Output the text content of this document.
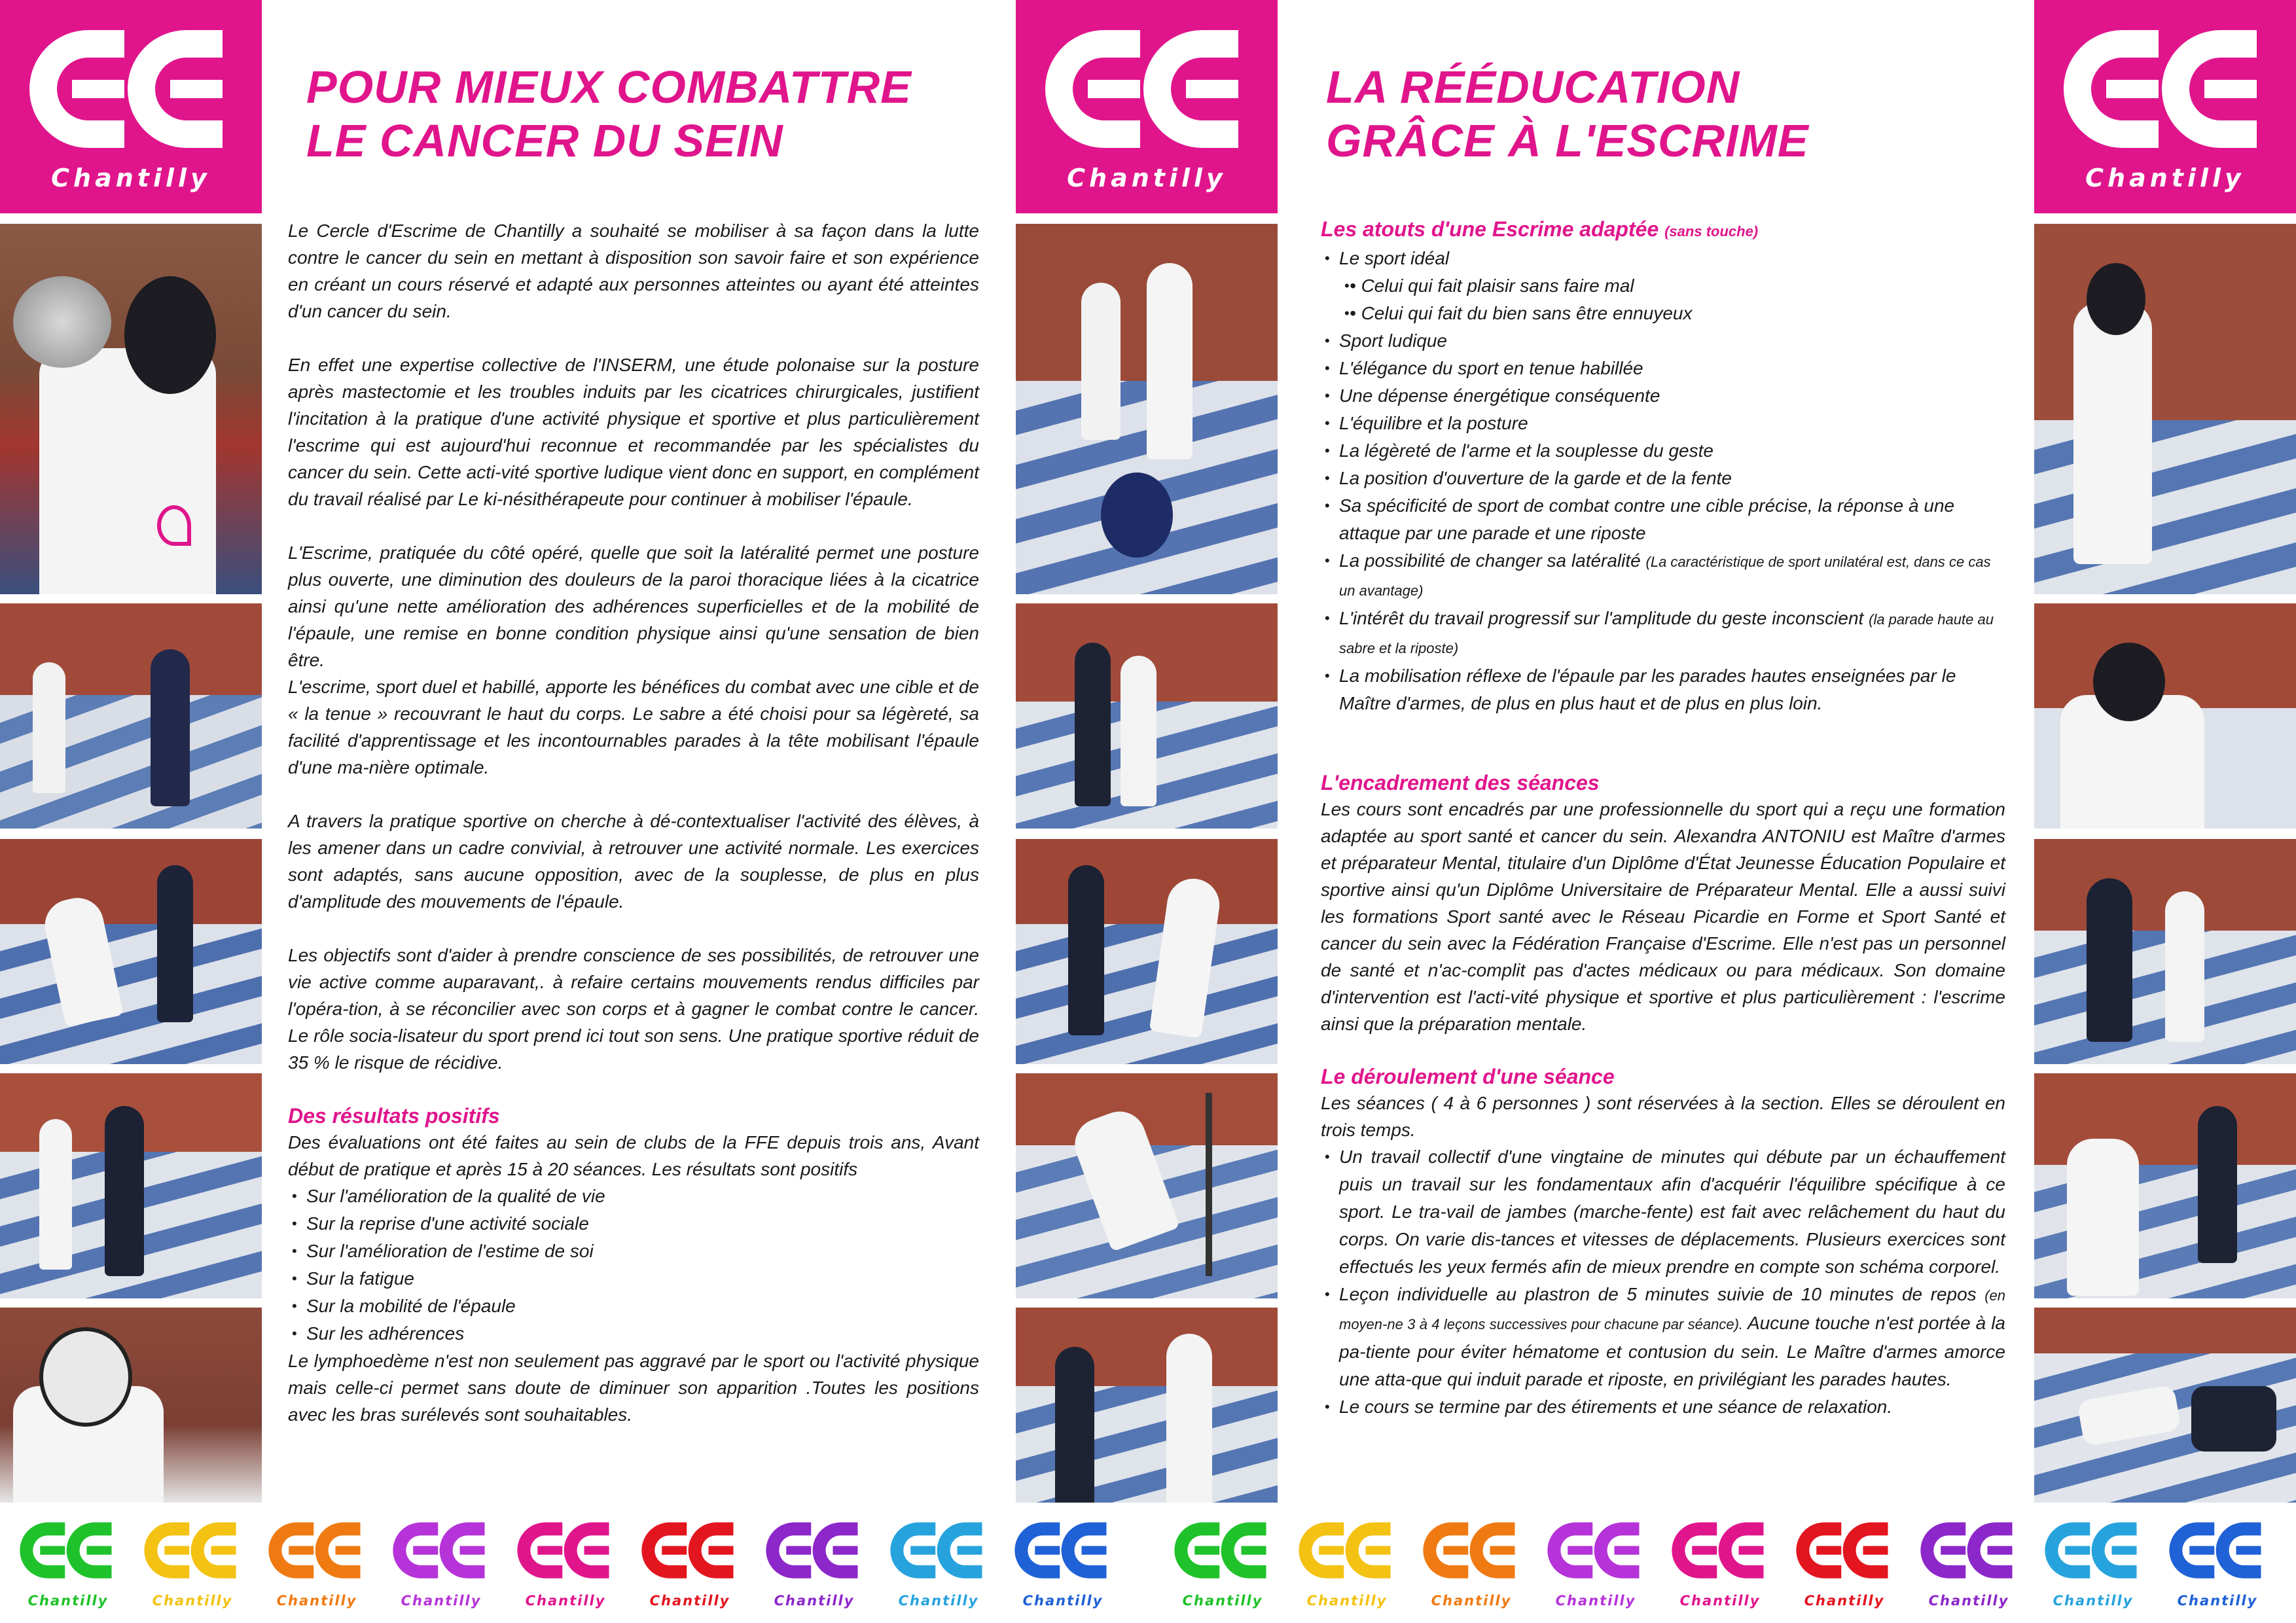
Chantilly
POUR MIEUX COMBATTRE
LE CANCER DU SEIN

Le Cercle d'Escrime de Chantilly a souhaité se mobiliser à sa façon dans la lutte contre le cancer du sein en mettant à disposition son savoir faire et son expérience en créant un cours réservé et adapté aux personnes atteintes ou ayant été atteintes d'un cancer du sein.

En effet une expertise collective de l'INSERM, une étude polonaise sur la posture après mastectomie et les troubles induits par les cicatrices chirurgicales, justifient l'incitation à la pratique d'une activité physique et sportive et plus particulièrement l'escrime qui est aujourd'hui reconnue et recommandée par les spécialistes du cancer du sein. Cette acti-vité sportive ludique vient donc en support, en complément du travail réalisé par Le ki-nésithérapeute pour continuer à mobiliser l'épaule.

L'Escrime, pratiquée du côté opéré, quelle que soit la latéralité permet une posture plus ouverte, une diminution des douleurs de la paroi thoracique liées à la cicatrice ainsi qu'une nette amélioration des adhérences superficielles et de la mobilité de l'épaule, une remise en bonne condition physique ainsi qu'une sensation de bien être.

L'escrime, sport duel et habillé, apporte les bénéfices du combat avec une cible et de « la tenue » recouvrant le haut du corps. Le sabre a été choisi pour sa légèreté, sa facilité d'apprentissage et les incontournables parades à la tête mobilisant l'épaule d'une ma-nière optimale.

A travers la pratique sportive on cherche à dé-contextualiser l'activité des élèves, à les amener dans un cadre convivial, à retrouver une activité normale. Les exercices sont adaptés, sans aucune opposition, avec de la souplesse, de plus en plus d'amplitude des mouvements de l'épaule.

Les objectifs sont d'aider à prendre conscience de ses possibilités, de retrouver une vie active comme auparavant,. à refaire certains mouvements rendus difficiles par l'opéra-tion, à se réconcilier avec son corps et à gagner le combat contre le cancer. Le rôle socia-lisateur du sport prend ici tout son sens. Une pratique sportive réduit de 35 % le risque de récidive.

Des résultats positifs

Des évaluations ont été faites au sein de clubs de la FFE depuis trois ans, Avant début de pratique et après 15 à 20 séances. Les résultats sont positifs

• Sur l'amélioration de la qualité de vie
• Sur la reprise d'une activité sociale
• Sur l'amélioration de l'estime de soi
• Sur la fatigue
• Sur la mobilité de l'épaule
• Sur les adhérences

Le lymphoedème n'est non seulement pas aggravé par le sport ou l'activité physique mais celle-ci permet sans doute de diminuer son apparition .Toutes les positions avec les bras surélevés sont souhaitables.

Chantilly
LA RÉÉDUCATION
GRÂCE À L'ESCRIME

Les atouts d'une Escrime adaptée (sans touche)

• Le sport idéal
• • Celui qui fait plaisir sans faire mal
• • Celui qui fait du bien sans être ennuyeux
• Sport ludique
• L'élégance du sport en tenue habillée
• Une dépense énergétique conséquente
• L'équilibre et la posture
• La légèreté de l'arme et la souplesse du geste
• La position d'ouverture de la garde et de la fente
• Sa spécificité de sport de combat contre une cible précise, la réponse à une attaque par une parade et une riposte
• La possibilité de changer sa latéralité (La caractéristique de sport unilatéral est, dans ce cas un avantage)
• L'intérêt du travail progressif sur l'amplitude du geste inconscient (la parade haute au sabre et la riposte)
• La mobilisation réflexe de l'épaule par les parades hautes enseignées par le Maître d'armes, de plus en plus haut et de plus en plus loin.

L'encadrement des séances

Les cours sont encadrés par une professionnelle du sport qui a reçu une formation adaptée au sport santé et cancer du sein. Alexandra ANTONIU est Maître d'armes et préparateur Mental, titulaire d'un Diplôme d'État Jeunesse Éducation Populaire et sportive ainsi qu'un Diplôme Universitaire de Préparateur Mental. Elle a aussi suivi les formations Sport santé avec le Réseau Picardie en Forme et Sport Santé et cancer du sein avec la Fédération Française d'Escrime. Elle n'est pas un personnel de santé et n'ac-complit pas d'actes médicaux ou para médicaux. Son domaine d'intervention est l'acti-vité physique et sportive et plus particulièrement : l'escrime ainsi que la préparation mentale.

Le déroulement d'une séance

Les séances ( 4 à 6 personnes ) sont réservées à la section. Elles se déroulent en trois temps.

• Un travail collectif d'une vingtaine de minutes qui débute par un échauffement puis un travail sur les fondamentaux afin d'acquérir l'équilibre spécifique à ce sport. Le tra-vail de jambes (marche-fente) est fait avec relâchement du haut du corps. On varie dis-tances et vitesses de déplacements. Plusieurs exercices sont effectués les yeux fermés afin de mieux prendre en compte son schéma corporel.
• Leçon individuelle au plastron de 5 minutes suivie de 10 minutes de repos (en moyen-ne 3 à 4 leçons successives pour chacune par séance). Aucune touche n'est portée à la pa-tiente pour éviter hématome et contusion du sein. Le Maître d'armes amorce une atta-que qui induit parade et riposte, en privilégiant les parades hautes.
• Le cours se termine par des étirements et une séance de relaxation.
Chantilly
Chantilly	Chantilly	Chantilly	Chantilly	Chantilly	Chantilly	Chantilly	Chantilly	Chantilly	Chantilly	Chantilly	Chantilly	Chantilly	Chantilly	Chantilly	Chantilly	Chantilly	Chantilly
